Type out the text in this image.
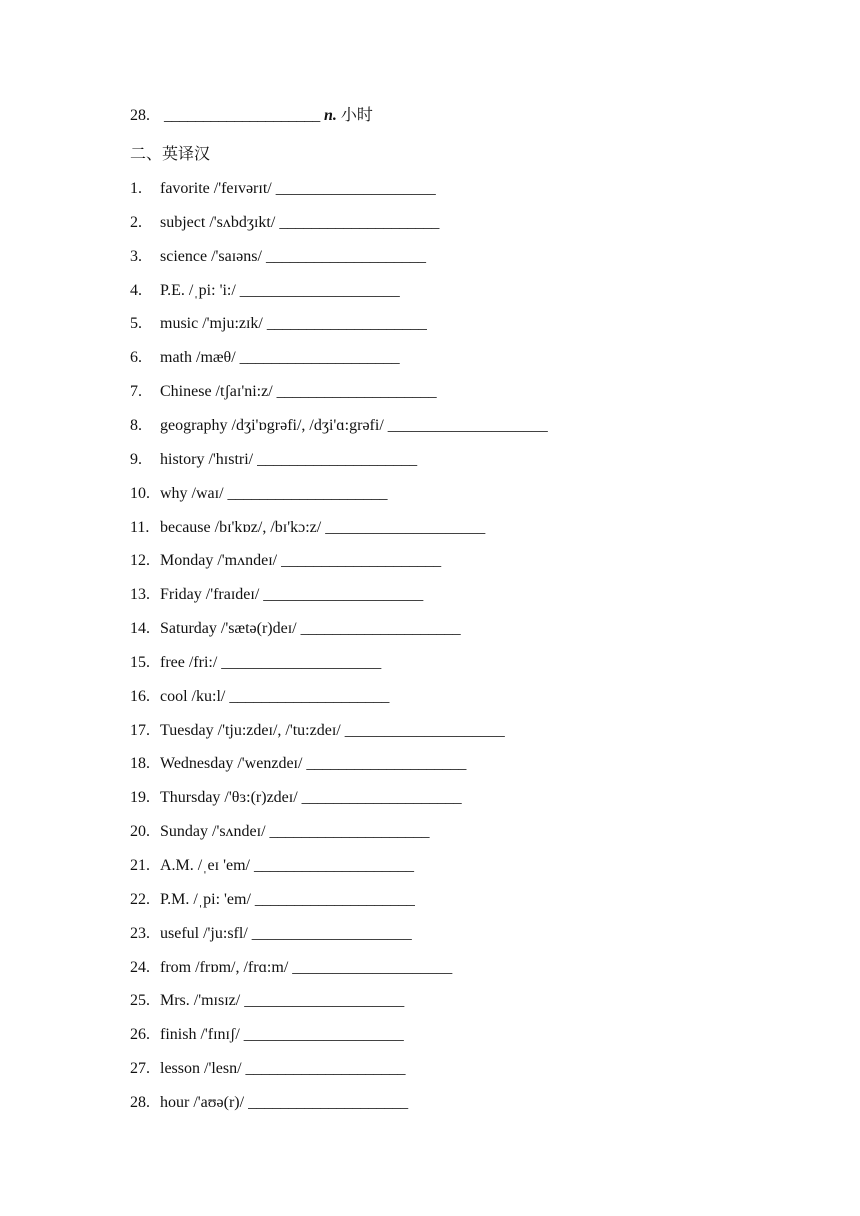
28. ____________________ n. 小时
二、英译汉
1. favorite /'feɪvərɪt/ ____________________
2. subject /'sʌbdʒɪkt/ ____________________
3. science /'saɪəns/ ____________________
4. P.E. /ˌpi: 'i:/ ____________________
5. music /'mju:zɪk/ ____________________
6. math /mæθ/ ____________________
7. Chinese /tʃaɪ'ni:z/ ____________________
8. geography /dʒi'ɒgrəfi/, /dʒi'ɑ:grəfi/ ____________________
9. history /'hɪstri/ ____________________
10. why /waɪ/ ____________________
11. because /bɪ'kɒz/, /bɪ'kɔ:z/ ____________________
12. Monday /'mʌndeɪ/ ____________________
13. Friday /'fraɪdeɪ/ ____________________
14. Saturday /'sætə(r)deɪ/ ____________________
15. free /fri:/ ____________________
16. cool /ku:l/ ____________________
17. Tuesday /'tju:zdeɪ/, /'tu:zdeɪ/ ____________________
18. Wednesday /'wenzdeɪ/ ____________________
19. Thursday /'θɜ:(r)zdeɪ/ ____________________
20. Sunday /'sʌndeɪ/ ____________________
21. A.M. /ˌeɪ 'em/ ____________________
22. P.M. /ˌpi: 'em/ ____________________
23. useful /'ju:sfl/ ____________________
24. from /frɒm/, /frɑ:m/ ____________________
25. Mrs. /'mɪsɪz/ ____________________
26. finish /'fɪnɪʃ/ ____________________
27. lesson /'lesn/ ____________________
28. hour /'aʊə(r)/ ____________________
